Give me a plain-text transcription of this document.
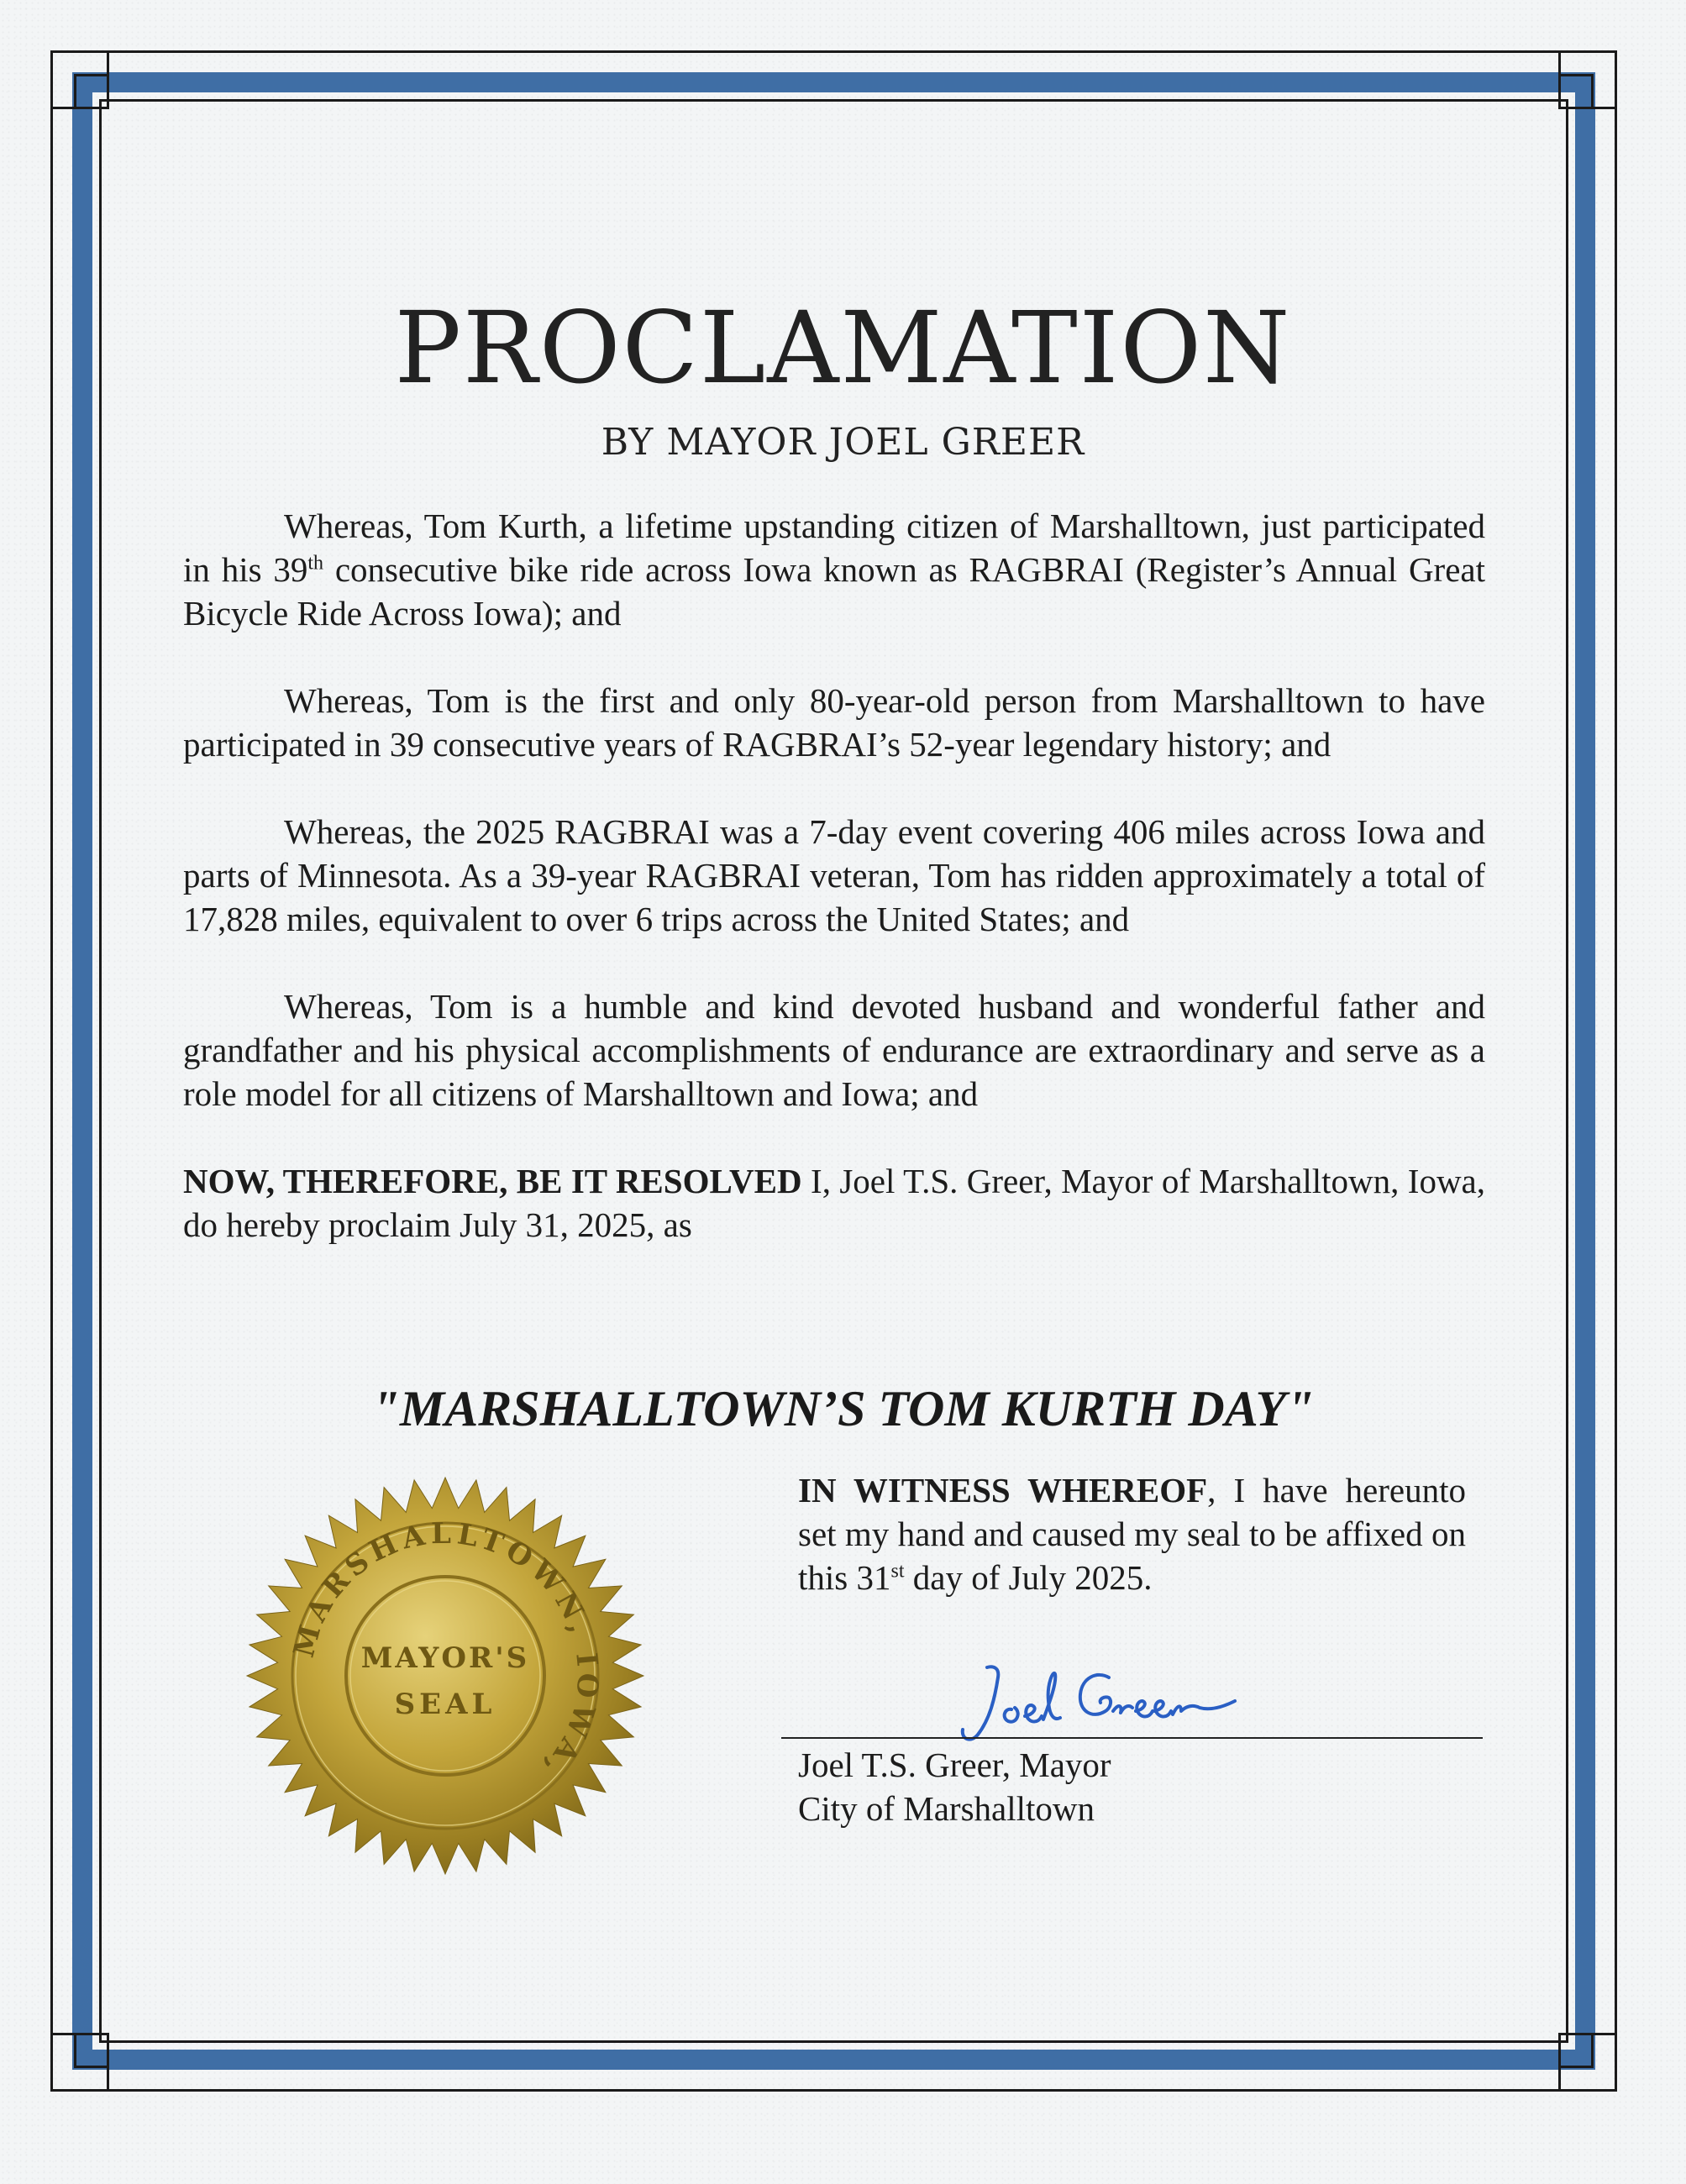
PROCLAMATION
BY MAYOR JOEL GREER

Whereas, Tom Kurth, a lifetime upstanding citizen of Marshalltown, just participated in his 39th consecutive bike ride across Iowa known as RAGBRAI (Register’s Annual Great Bicycle Ride Across Iowa); and

Whereas, Tom is the first and only 80-year-old person from Marshalltown to have participated in 39 consecutive years of RAGBRAI’s 52-year legendary history; and

Whereas, the 2025 RAGBRAI was a 7-day event covering 406 miles across Iowa and parts of Minnesota. As a 39-year RAGBRAI veteran, Tom has ridden approximately a total of 17,828 miles, equivalent to over 6 trips across the United States; and

Whereas, Tom is a humble and kind devoted husband and wonderful father and grandfather and his physical accomplishments of endurance are extraordinary and serve as a role model for all citizens of Marshalltown and Iowa; and

NOW, THEREFORE, BE IT RESOLVED I, Joel T.S. Greer, Mayor of Marshalltown, Iowa, do hereby proclaim July 31, 2025, as

"MARSHALLTOWN’S TOM KURTH DAY"
MARSHALLTOWN, IOWA,
MAYOR'S
SEAL
IN WITNESS WHEREOF, I have hereunto set my hand and caused my seal to be affixed on this 31st day of July 2025.
Joel Greer
Joel T.S. Greer, Mayor
City of Marshalltown
